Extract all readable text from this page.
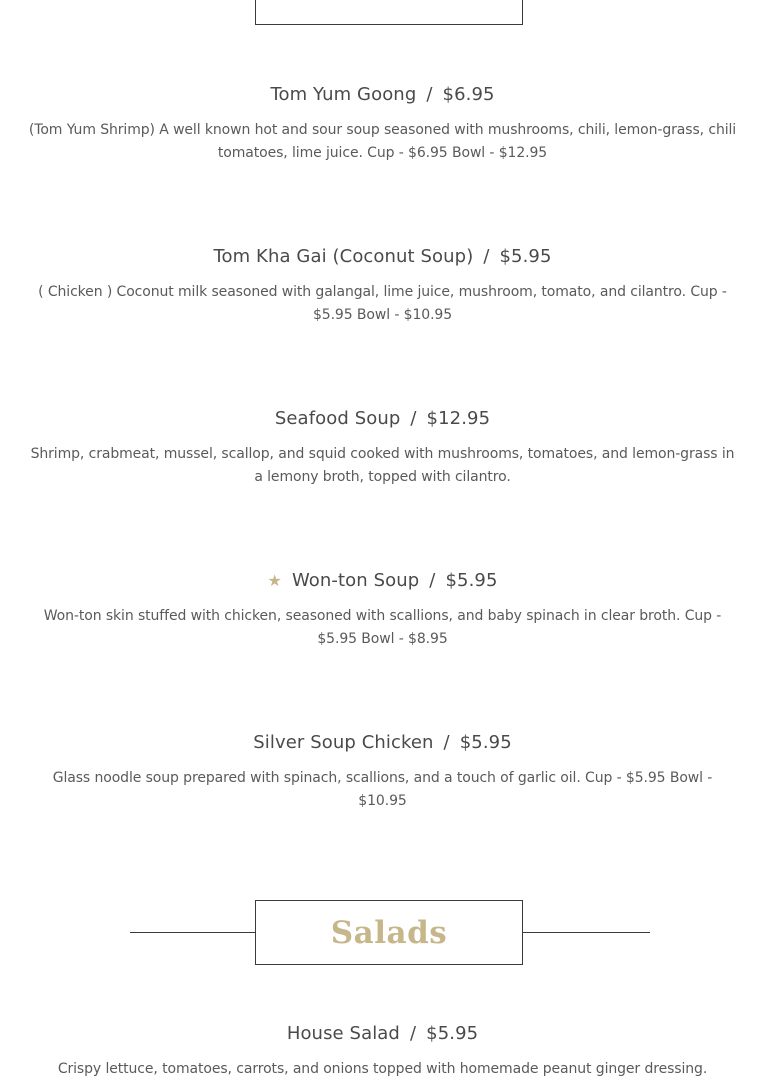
Tom Yum Goong / $6.95
(Tom Yum Shrimp) A well known hot and sour soup seasoned with mushrooms, chili, lemon-grass, chili tomatoes, lime juice. Cup - $6.95 Bowl - $12.95
Tom Kha Gai (Coconut Soup) / $5.95
( Chicken ) Coconut milk seasoned with galangal, lime juice, mushroom, tomato, and cilantro. Cup - $5.95 Bowl - $10.95
Seafood Soup / $12.95
Shrimp, crabmeat, mussel, scallop, and squid cooked with mushrooms, tomatoes, and lemon-grass in a lemony broth, topped with cilantro.
★ Won-ton Soup / $5.95
Won-ton skin stuffed with chicken, seasoned with scallions, and baby spinach in clear broth. Cup - $5.95 Bowl - $8.95
Silver Soup Chicken / $5.95
Glass noodle soup prepared with spinach, scallions, and a touch of garlic oil. Cup - $5.95 Bowl - $10.95
Salads
House Salad / $5.95
Crispy lettuce, tomatoes, carrots, and onions topped with homemade peanut ginger dressing.
